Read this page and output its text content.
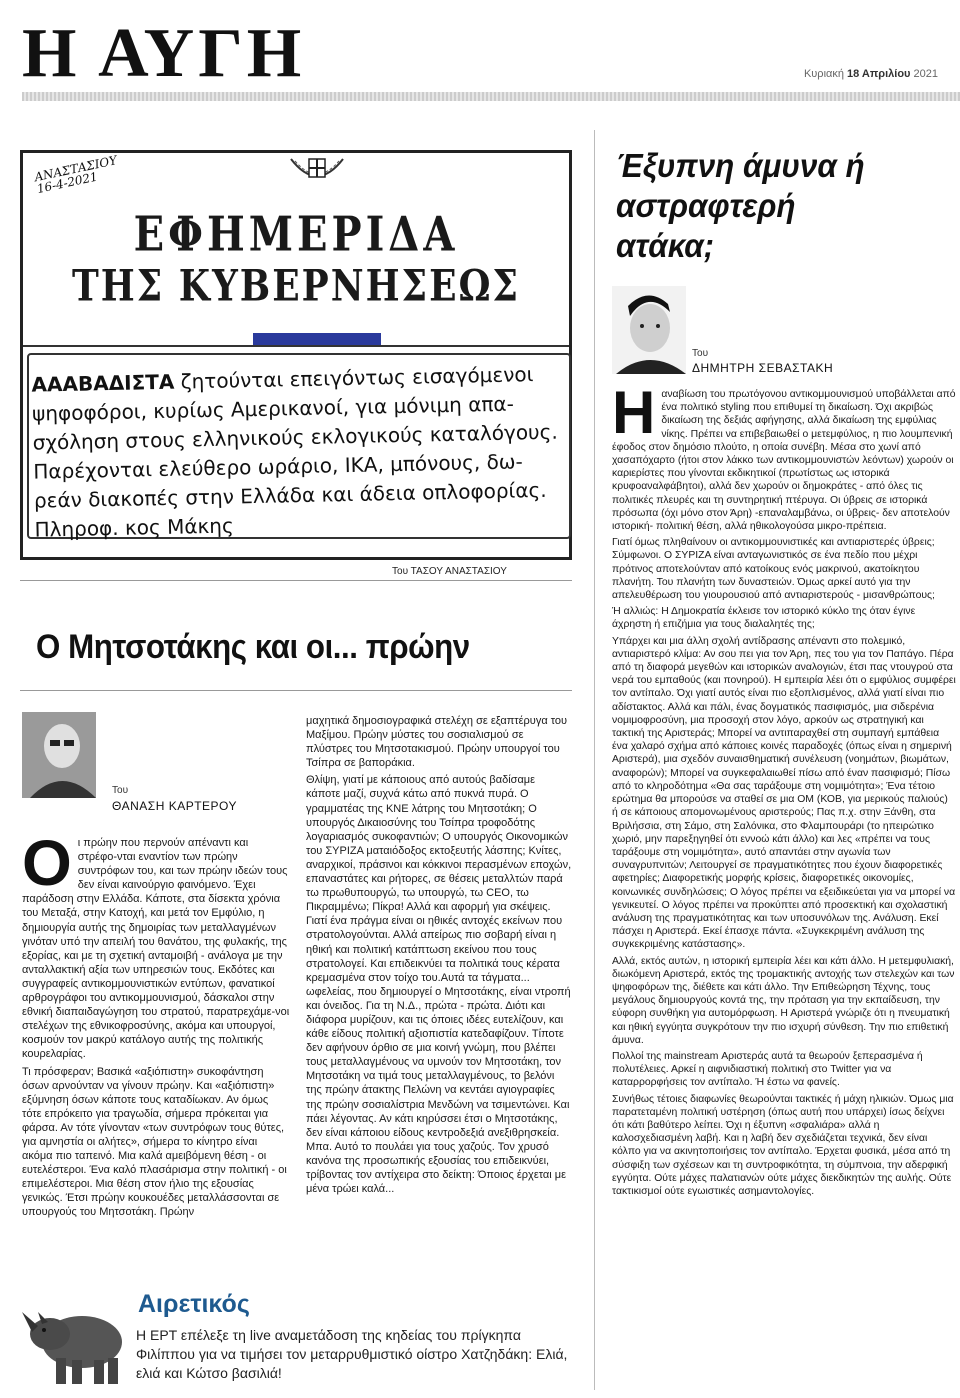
Η ΑΥΓΗ	Κυριακή 18 Απριλίου 2021
ΑΝΑΣΤΑΣΙΟΥ 16-4-2021
ΕΦΗΜΕΡΙΔΑ
ΤΗΣ ΚΥΒΕΡΝΗΣΕΩΣ
ΑΑΑΒΑΔΙΣΤΑ ζητούνται επειγόντως εισαγόμενοι
ψηφοφόροι, κυρίως Αμερικανοί, για μόνιμη απα-
σχόληση στους ελληνικούς εκλογικούς καταλόγους.
Παρέχονται ελεύθερο ωράριο, ΙΚΑ, μπόνους, δω-
ρεάν διακοπές στην Ελλάδα και άδεια οπλοφορίας.
Πληροφ. κος Μάκης
Του ΤΑΣΟΥ ΑΝΑΣΤΑΣΙΟΥ
Ο Μητσοτάκης και οι... πρώην
Του
ΘΑΝΑΣΗ ΚΑΡΤΕΡΟΥ

Οι πρώην που περνούν απέναντι και στρέφο-νται εναντίον των πρώην συντρόφων του, και των πρώην ιδεών τους δεν είναι καινούργιο φαινόμενο. Έχει παράδοση στην Ελλάδα. Κάποτε, στα δίσεκτα χρόνια του Μεταξά, στην Κατοχή, και μετά τον Εμφύλιο, η δημιουργία αυτής της δημοιρίας των μεταλλαγμένων γινόταν υπό την απειλή του θανάτου, της φυλακής, της εξορίας, και με τη σχετική ανταμοιβή - ανάλογα με την ανταλλακτική αξία των υπηρεσιών τους. Εκδότες και συγγραφείς αντικομμουνιστικών εντύπων, φανατικοί αρθρογράφοι του αντικομμουνισμού, δάσκαλοι στην εθνική διαπαιδαγώγηση του στρατού, παρατρεχάμε-νοι στελέχων της εθνικοφροσύνης, ακόμα και υπουργοί, κοσμούν τον μακρύ κατάλογο αυτής της πολιτικής κουρελαρίας.

Τι πρόσφεραν; Βασικά «αξιόπιστη» συκοφάντηση όσων αρνούνταν να γίνουν πρώην. Και «αξιόπιστη» εξύμνηση όσων κάποτε τους καταδίωκαν. Αν όμως τότε επρόκειτο για τραγωδία, σήμερα πρόκειται για φάρσα. Αν τότε γίνονταν «των συντρόφων τους θύτες, για αμνηστία οι αλήτες», σήμερα το κίνητρο είναι ακόμα πιο ταπεινό. Μια καλά αμειβόμενη θέση - οι ευτελέστεροι. Ένα καλό πλασάρισμα στην πολιτική - οι επιμελέστεροι. Μια θέση στον ήλιο της εξουσίας γενικώς. Έτσι πρώην κουκουέδες μεταλλάσσονται σε υπουργούς του Μητσοτάκη. Πρώην

μαχητικά δημοσιογραφικά στελέχη σε εξαπτέρυγα του Μαξίμου. Πρώην μύστες του σοσιαλισμού σε πλύστρες του Μητσοτακισμού. Πρώην υπουργοί του Τσίπρα σε βαποράκια.

Θλίψη, γιατί με κάποιους από αυτούς βαδίσαμε κάποτε μαζί, συχνά κάτω από πυκνά πυρά. Ο γραμματέας της ΚΝΕ λάτρης του Μητσοτάκη; Ο υπουργός Δικαιοσύνης του Τσίπρα τροφοδότης λογαριασμός συκοφαντιών; Ο υπουργός Οικονομικών του ΣΥΡΙΖΑ ματαιόδοξος εκτοξευτής λάσπης; Κνίτες, αναρχικοί, πράσινοι και κόκκινοι περασμένων εποχών, επαναστάτες και ρήτορες, σε θέσεις μεταλλτών παρά τω πρωθυπουργώ, τω υπουργώ, τω CEO, τω Πικραμμένω; Πίκρα! Αλλά και αφορμή για σκέψεις. Γιατί ένα πράγμα είναι οι ηθικές αντοχές εκείνων που στρατολογούνται. Αλλά απείρως πιο σοβαρή είναι η ηθική και πολιτική κατάπτωση εκείνου που τους στρατολογεί. Και επιδεικνύει τα πολιτικά τους κέρατα κρεμασμένα στον τοίχο του.Αυτά τα τάγματα... ωφελείας, που δημιουργεί ο Μητσοτάκης, είναι ντροπή και όνειδος. Για τη Ν.Δ., πρώτα - πρώτα. Διότι και διάφορα μυρίζουν, και τις όποιες ιδέες ευτελίζουν, και κάθε είδους πολιτική αξιοπιστία κατεδαφίζουν. Τίποτε δεν αφήνουν όρθιο σε μια κοινή γνώμη, που βλέπει τους μεταλλαγμένους να υμνούν τον Μητσοτάκη, τον Μητσοτάκη να τιμά τους μεταλλαγμένους, το βελόνι της πρώην άτακτης Πελώνη να κεντάει αγιογραφίες της πρώην σοσιαλίστρια Μενδώνη να τσιμεντώνει. Και πάει λέγοντας. Αν κάτι κηρύσσει έτσι ο Μητσοτάκης, δεν είναι κάποιου είδους κεντροδεξιά ανεξιθρησκεία. Μπα. Αυτό το πουλάει για τους χαζούς. Τον χρυσό κανόνα της προσωπικής εξουσίας του επιδεικνύει, τρίβοντας τον αντίχειρα στο δείκτη: Όποιος έρχεται με μένα τρώει καλά...

Αιρετικός
Η ΕΡΤ επέλεξε τη live αναμετάδοση της κηδείας του πρίγκηπα Φιλίππου για να τιμήσει τον μεταρρυθμιστικό οίστρο Χατζηδάκη: Ελιά, ελιά και Κώτσο βασιλιά!
Έξυπνη άμυνα ή αστραφτερή ατάκα;
Του
ΔΗΜΗΤΡΗ ΣΕΒΑΣΤΑΚΗ

Ηαναβίωση του πρωτόγονου αντικομμουνισμού υποβάλλεται από ένα πολιτικό styling που επιθυμεί τη δικαίωση. Όχι ακριβώς δικαίωση της δεξιάς αφήγησης, αλλά δικαίωση της εμφύλιας νίκης. Πρέπει να επιβεβαιωθεί ο μετεμφύλιος, η πιο λουμπενική έφοδος στον δημόσιο πλούτο, η οποία συνέβη. Μέσα στο χωνί από χασαπόχαρτο (ήτοι στον λάκκο των αντικομμουνιστών λεόντων) χωρούν οι καριερίστες που γίνονται εκδικητικοί (πρωτίστως ως ιστορικά κρυφοαναλφάβητοι), αλλά δεν χωρούν οι δημοκράτες - από όλες τις πολιτικές πλευρές και τη συντηρητική πτέρυγα. Οι ύβρεις σε ιστορικά πρόσωπα (όχι μόνο στον Άρη) -επαναλαμβάνω, οι ύβρεις- δεν αποτελούν ιστορική- πολιτική θέση, αλλά ηθικολογούσα μικρο-πρέπεια.

Γιατί όμως πληθαίνουν οι αντικομμουνιστικές και αντιαριστερές ύβρεις; Σύμφωνοι. Ο ΣΥΡΙΖΑ είναι ανταγωνιστικός σε ένα πεδίο που μέχρι πρότινος αποτελούνταν από κατοίκους ενός μακρινού, ακατοίκητου πλανήτη. Του πλανήτη των δυναστειών. Όμως αρκεί αυτό για την απελευθέρωση του γιουρουσιού από αντιαριστερούς - μισανθρώπους;

Ή αλλιώς: Η Δημοκρατία έκλεισε τον ιστορικό κύκλο της όταν έγινε άχρηστη ή επιζήμια για τους διαλαλητές της;

Υπάρχει και μια άλλη σχολή αντίδρασης απέναντι στο πολεμικό, αντιαριστερό κλίμα: Αν σου πει για τον Άρη, πες του για τον Παπάγο. Πέρα από τη διαφορά μεγεθών και ιστορικών αναλογιών, έτσι πας ντουγρού στα νερά του εμπαθούς (και πονηρού). Η εμπειρία λέει ότι ο εμφύλιος συμφέρει τον αντίπαλο. Όχι γιατί αυτός είναι πιο εξοπλισμένος, αλλά γιατί είναι πιο αδίστακτος. Αλλά και πάλι, ένας δογματικός πασιφισμός, μια σιδερένια νομιμοφροσύνη, μια προσοχή στον λόγο, αρκούν ως στρατηγική και τακτική της Αριστεράς; Μπορεί να αντιπαραχθεί στη συμπαγή εμπάθεια ένα χαλαρό σχήμα από κάποιες κοινές παραδοχές (όπως είναι η σημερινή Αριστερά), μια σχεδόν συναισθηματική συνέλευση (νοημάτων, βιωμάτων, αναφορών); Μπορεί να συγκεφαλαιωθεί πίσω από έναν πασιφισμό; Πίσω από το κληροδότημα «Θα σας ταράξουμε στη νομιμότητα»; Ένα τέτοιο ερώτημα θα μπορούσε να σταθεί σε μια ΟΜ (ΚΟΒ, για μερικούς παλιούς) ή σε κάποιους απομονωμένους αριστερούς; Πας π.χ. στην Ξάνθη, στα Βριλήσσια, στη Σάμο, στη Σαλόνικα, στο Φλαμπουράρι (το ηπειρώτικο χωριό, μην παρεξηγηθεί ότι εννοώ κάτι άλλο) και λες «πρέπει να τους ταράξουμε στη νομιμότητα», αυτό απαντάει στην αγωνία των συναγρυπνιτών; Λειτουργεί σε πραγματικότητες που έχουν διαφορετικές αφετηρίες; Διαφορετικής μορφής κρίσεις, διαφορετικές οικονομίες, κοινωνικές συνδηλώσεις; Ο λόγος πρέπει να εξειδικεύεται για να μπορεί να γενικευτεί. Ο λόγος πρέπει να προκύπτει από προσεκτική και σχολαστική ανάλυση της πραγματικότητας και των υποσυνόλων της. Ανάλυση. Εκεί πάσχει η Αριστερά. Εκεί έπασχε πάντα. «Συγκεκριμένη ανάλυση της συγκεκριμένης κατάστασης».

Αλλά, εκτός αυτών, η ιστορική εμπειρία λέει και κάτι άλλο. Η μετεμφυλιακή, διωκόμενη Αριστερά, εκτός της τρομακτικής αντοχής των στελεχών και των ψηφοφόρων της, διέθετε και κάτι άλλο. Την Επιθεώρηση Τέχνης, τους μεγάλους δημιουργούς κοντά της, την πρόταση για την εκπαίδευση, την εύφορη συνθήκη για αυτομόρφωση. Η Αριστερά γνώριζε ότι η πνευματική και ηθική εγγύητα συγκρότουν την πιο ισχυρή σύνθεση. Την πιο επιθετική άμυνα.

Πολλοί της mainstream Αριστεράς αυτά τα θεωρούν ξεπερασμένα ή πολυτέλειες. Αρκεί η αιφνιδιαστική πολιτική στο Twitter για να καταρρορφήσεις τον αντίπαλο. Ή έστω να φανείς.

Συνήθως τέτοιες διαφωνίες θεωρούνται τακτικές ή μάχη ηλικιών. Όμως μια παρατεταμένη πολιτική υστέρηση (όπως αυτή που υπάρχει) ίσως δείχνει ότι κάτι βαθύτερο λείπει. Όχι η έξυπνη «σφαλιάρα» αλλά η καλοσχεδιασμένη λαβή. Και η λαβή δεν σχεδιάζεται τεχνικά, δεν είναι κόλπο για να ακινητοποιήσεις τον αντίπαλο. Έρχεται φυσικά, μέσα από τη σύσφιξη των σχέσεων και τη συντροφικότητα, τη σύμπνοια, την αδερφική εγγύητα. Ούτε μάχες παλατιανών ούτε μάχες διεκδικητών της αυλής. Ούτε τακτικισμοί ούτε εγωιστικές ασημαντολογίες.
